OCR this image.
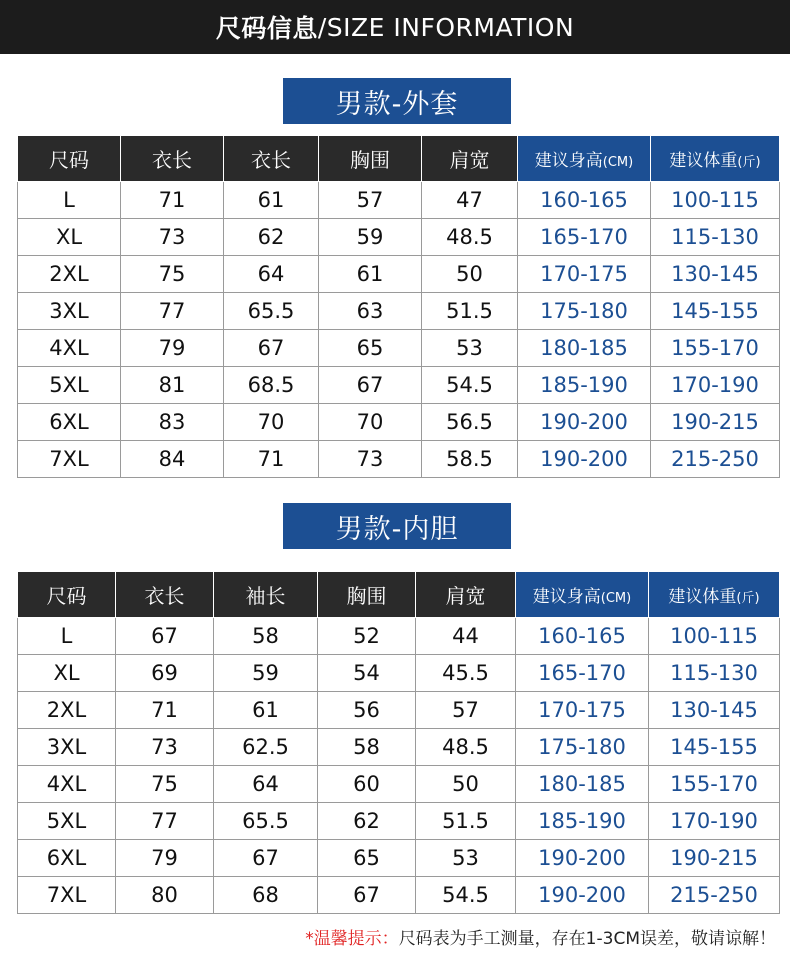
尺码信息 /SIZE INFORMATION
男款-外套
尺码	衣长	衣长	胸围	肩宽	建议身高(CM)	建议体重(斤)
L	71	61	57	47	160-165	100-115
XL	73	62	59	48.5	165-170	115-130
2XL	75	64	61	50	170-175	130-145
3XL	77	65.5	63	51.5	175-180	145-155
4XL	79	67	65	53	180-185	155-170
5XL	81	68.5	67	54.5	185-190	170-190
6XL	83	70	70	56.5	190-200	190-215
7XL	84	71	73	58.5	190-200	215-250
男款-内胆
尺码	衣长	袖长	胸围	肩宽	建议身高(CM)	建议体重(斤)
L	67	58	52	44	160-165	100-115
XL	69	59	54	45.5	165-170	115-130
2XL	71	61	56	57	170-175	130-145
3XL	73	62.5	58	48.5	175-180	145-155
4XL	75	64	60	50	180-185	155-170
5XL	77	65.5	62	51.5	185-190	170-190
6XL	79	67	65	53	190-200	190-215
7XL	80	68	67	54.5	190-200	215-250
*温馨提示：尺码表为手工测量，存在1-3CM误差，敬请谅解！
